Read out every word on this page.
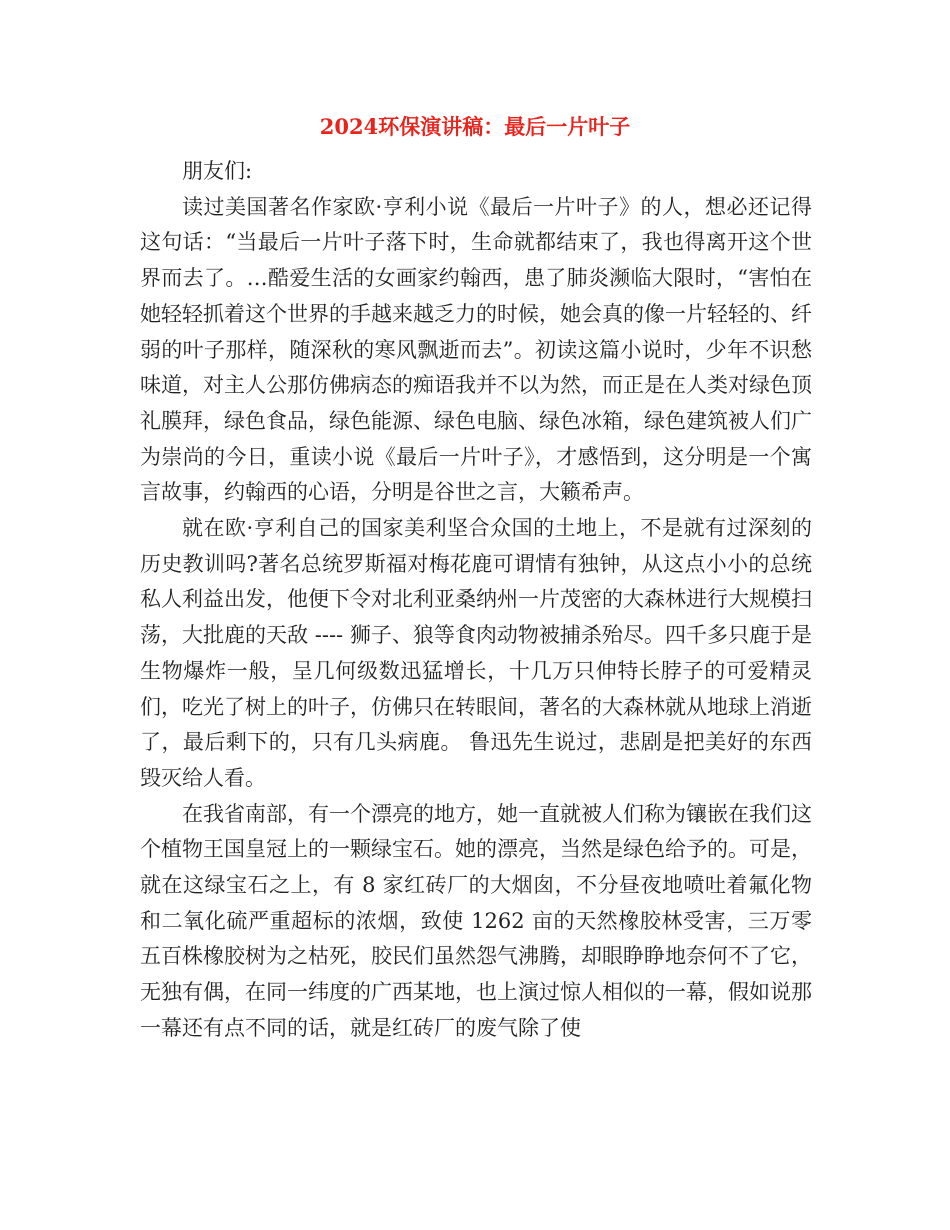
2024环保演讲稿：最后一片叶子

朋友们:

读过美国著名作家欧·亨利小说《最后一片叶子》的人，想必还记得这句话：“当最后一片叶子落下时，生命就都结束了，我也得离开这个世界而去了。…酷爱生活的女画家约翰西，患了肺炎濒临大限时，“害怕在她轻轻抓着这个世界的手越来越乏力的时候，她会真的像一片轻轻的、纤弱的叶子那样，随深秋的寒风飘逝而去”。初读这篇小说时，少年不识愁味道，对主人公那仿佛病态的痴语我并不以为然，而正是在人类对绿色顶礼膜拜，绿色食品，绿色能源、绿色电脑、绿色冰箱，绿色建筑被人们广为崇尚的今日，重读小说《最后一片叶子》，才感悟到，这分明是一个寓言故事，约翰西的心语，分明是谷世之言，大籁希声。

就在欧·亨利自己的国家美利坚合众国的土地上，不是就有过深刻的历史教训吗?著名总统罗斯福对梅花鹿可谓情有独钟，从这点小小的总统私人利益出发，他便下令对北利亚桑纳州一片茂密的大森林进行大规模扫荡，大批鹿的天敌 ---- 狮子、狼等食肉动物被捕杀殆尽。四千多只鹿于是生物爆炸一般，呈几何级数迅猛增长，十几万只伸特长脖子的可爱精灵们，吃光了树上的叶子，仿佛只在转眼间，著名的大森林就从地球上消逝了，最后剩下的，只有几头病鹿。 鲁迅先生说过，悲剧是把美好的东西毁灭给人看。

在我省南部，有一个漂亮的地方，她一直就被人们称为镶嵌在我们这个植物王国皇冠上的一颗绿宝石。她的漂亮，当然是绿色给予的。可是，就在这绿宝石之上，有 8 家红砖厂的大烟囱，不分昼夜地喷吐着氟化物和二氧化硫严重超标的浓烟，致使 1262 亩的天然橡胶林受害，三万零五百株橡胶树为之枯死，胶民们虽然怨气沸腾，却眼睁睁地奈何不了它，无独有偶，在同一纬度的广西某地，也上演过惊人相似的一幕，假如说那一幕还有点不同的话，就是红砖厂的废气除了使
